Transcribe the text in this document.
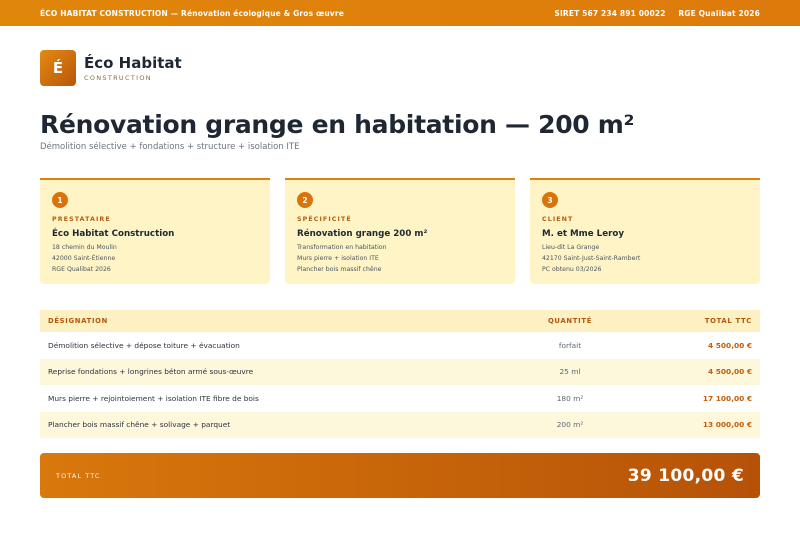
ÉCO HABITAT CONSTRUCTION — Rénovation écologique & Gros œuvre	SIRET 567 234 891 00022 RGE Qualibat 2026
É	Éco Habitat
CONSTRUCTION
Rénovation grange en habitation — 200 m²
Démolition sélective + fondations + structure + isolation ITE
1
PRESTATAIRE
Éco Habitat Construction
18 chemin du Moulin
42000 Saint-Étienne
RGE Qualibat 2026
2
SPÉCIFICITÉ
Rénovation grange 200 m²
Transformation en habitation
Murs pierre + isolation ITE
Plancher bois massif chêne
3
CLIENT
M. et Mme Leroy
Lieu-dit La Grange
42170 Saint-Just-Saint-Rambert
PC obtenu 03/2026
DÉSIGNATION	QUANTITÉ	TOTAL TTC
Démolition sélective + dépose toiture + évacuation	forfait	4 500,00 €
Reprise fondations + longrines béton armé sous-œuvre	25 ml	4 500,00 €
Murs pierre + rejointoiement + isolation ITE fibre de bois	180 m²	17 100,00 €
Plancher bois massif chêne + solivage + parquet	200 m²	13 000,00 €
TOTAL TTC	39 100,00 €
